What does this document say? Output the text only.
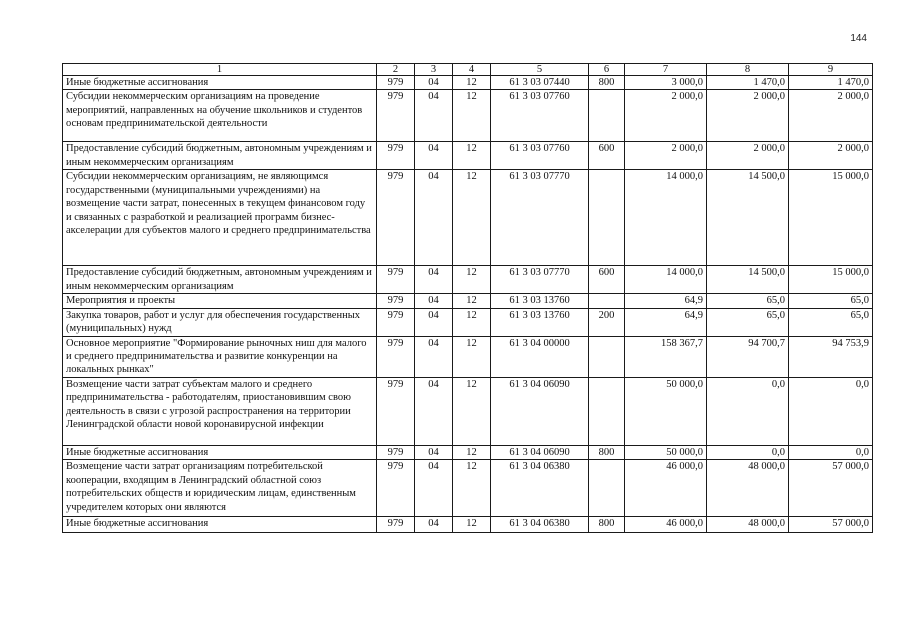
144
1	2	3	4	5	6	7	8	9
Иные бюджетные ассигнования	979	04	12	61 3 03 07440	800	3 000,0	1 470,0	1 470,0
Субсидии некоммерческим организациям на проведение мероприятий, направленных на обучение школьников и студентов основам предпринимательской деятельности	979	04	12	61 3 03 07760		2 000,0	2 000,0	2 000,0
Предоставление субсидий бюджетным, автономным учреждениям и иным некоммерческим организациям	979	04	12	61 3 03 07760	600	2 000,0	2 000,0	2 000,0
Субсидии некоммерческим организациям, не являющимся государственными (муниципальными учреждениями) на возмещение части затрат, понесенных в текущем финансовом году и связанных с разработкой и реализацией программ бизнес-акселерации для субъектов малого и среднего предпринимательства	979	04	12	61 3 03 07770		14 000,0	14 500,0	15 000,0
Предоставление субсидий бюджетным, автономным учреждениям и иным некоммерческим организациям	979	04	12	61 3 03 07770	600	14 000,0	14 500,0	15 000,0
Мероприятия и проекты	979	04	12	61 3 03 13760		64,9	65,0	65,0
Закупка товаров, работ и услуг для обеспечения государственных (муниципальных) нужд	979	04	12	61 3 03 13760	200	64,9	65,0	65,0
Основное мероприятие "Формирование рыночных ниш для малого и среднего предпринимательства и развитие конкуренции на локальных рынках"	979	04	12	61 3 04 00000		158 367,7	94 700,7	94 753,9
Возмещение части затрат субъектам малого и среднего предпринимательства - работодателям, приостановившим свою деятельность в связи с угрозой распространения на территории Ленинградской области новой коронавирусной инфекции	979	04	12	61 3 04 06090		50 000,0	0,0	0,0
Иные бюджетные ассигнования	979	04	12	61 3 04 06090	800	50 000,0	0,0	0,0
Возмещение части затрат организациям потребительской кооперации, входящим в Ленинградский областной союз потребительских обществ и юридическим лицам, единственным учредителем которых они являются	979	04	12	61 3 04 06380		46 000,0	48 000,0	57 000,0
Иные бюджетные ассигнования	979	04	12	61 3 04 06380	800	46 000,0	48 000,0	57 000,0
